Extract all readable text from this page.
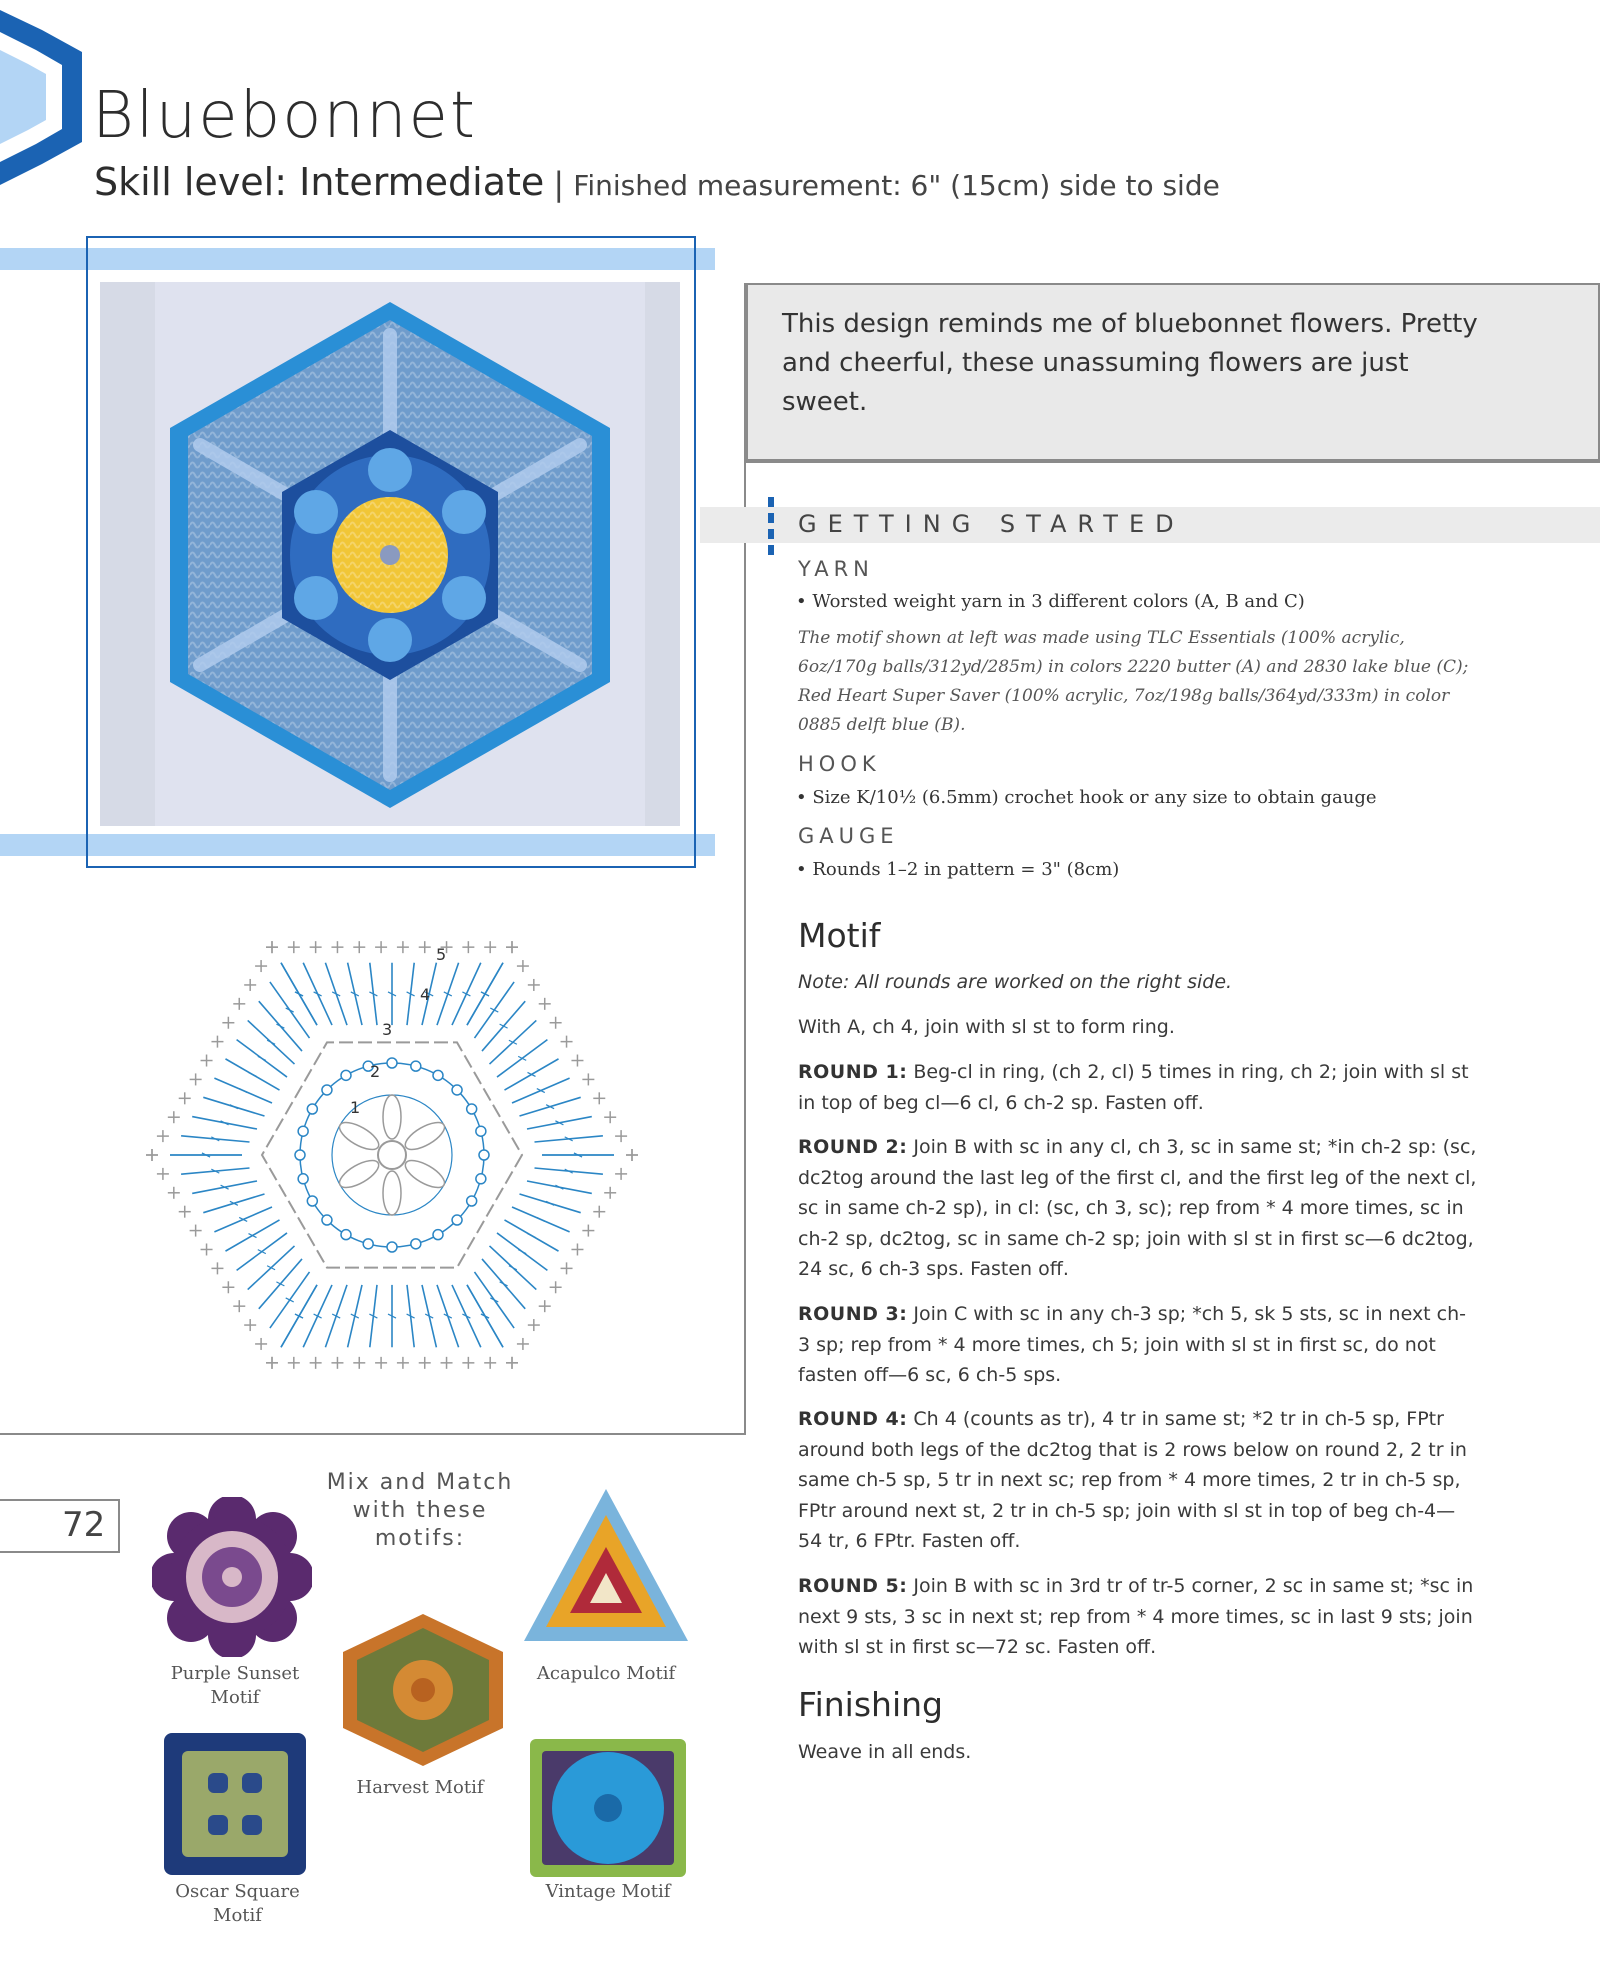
Bluebonnet
Skill level: Intermediate | Finished measurement: 6" (15cm) side to side
1
2
3
4
5
This design reminds me of bluebonnet flowers. Pretty and cheerful, these unassuming flowers are just sweet.
GETTING STARTED
YARN
• Worsted weight yarn in 3 different colors (A, B and C)
The motif shown at left was made using TLC Essentials (100% acrylic, 6oz/170g balls/312yd/285m) in colors 2220 butter (A) and 2830 lake blue (C); Red Heart Super Saver (100% acrylic, 7oz/198g balls/364yd/333m) in color 0885 delft blue (B).
HOOK
• Size K/10½ (6.5mm) crochet hook or any size to obtain gauge
GAUGE
• Rounds 1–2 in pattern = 3" (8cm)
Motif
Note: All rounds are worked on the right side.
With A, ch 4, join with sl st to form ring.
ROUND 1: Beg-cl in ring, (ch 2, cl) 5 times in ring, ch 2; join with sl st in top of beg cl—6 cl, 6 ch-2 sp. Fasten off.
ROUND 2: Join B with sc in any cl, ch 3, sc in same st; *in ch-2 sp: (sc, dc2tog around the last leg of the first cl, and the first leg of the next cl, sc in same ch-2 sp), in cl: (sc, ch 3, sc); rep from * 4 more times, sc in ch-2 sp, dc2tog, sc in same ch-2 sp; join with sl st in first sc—6 dc2tog, 24 sc, 6 ch-3 sps. Fasten off.
ROUND 3: Join C with sc in any ch-3 sp; *ch 5, sk 5 sts, sc in next ch-3 sp; rep from * 4 more times, ch 5; join with sl st in first sc, do not fasten off—6 sc, 6 ch-5 sps.
ROUND 4: Ch 4 (counts as tr), 4 tr in same st; *2 tr in ch-5 sp, FPtr around both legs of the dc2tog that is 2 rows below on round 2, 2 tr in same ch-5 sp, 5 tr in next sc; rep from * 4 more times, 2 tr in ch-5 sp, FPtr around next st, 2 tr in ch-5 sp; join with sl st in top of beg ch-4—54 tr, 6 FPtr. Fasten off.
ROUND 5: Join B with sc in 3rd tr of tr-5 corner, 2 sc in same st; *sc in next 9 sts, 3 sc in next st; rep from * 4 more times, sc in last 9 sts; join with sl st in first sc—72 sc. Fasten off.
Finishing
Weave in all ends.
72
Mix and Match with these motifs:
Purple Sunset Motif
Harvest Motif
Acapulco Motif
Oscar Square Motif
Vintage Motif
